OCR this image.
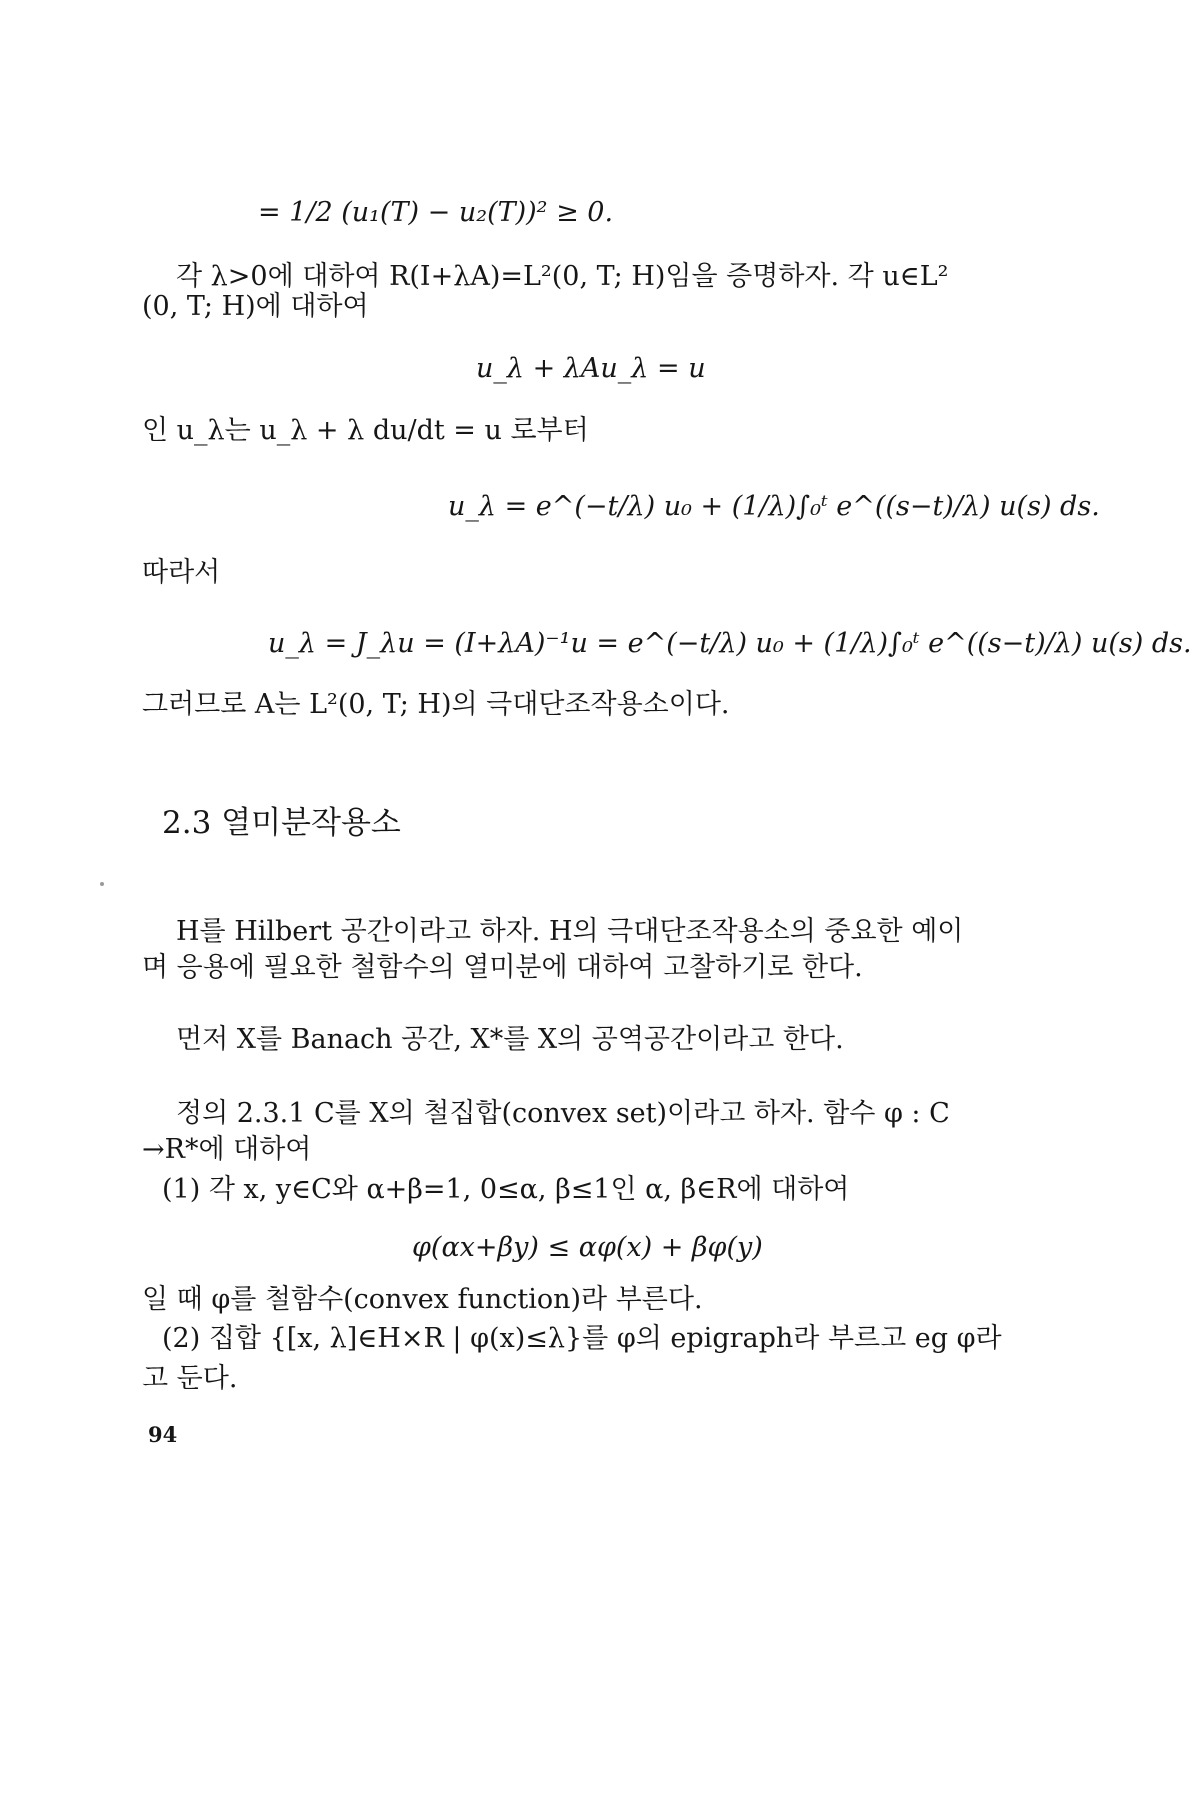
= 1/2 (u₁(T) − u₂(T))² ≥ 0.
각 λ>0에 대하여 R(I+λA)=L²(0, T; H)임을 증명하자. 각 u∈L²
(0, T; H)에 대하여
u_λ + λAu_λ = u
인 u_λ는 u_λ + λ du/dt = u 로부터
u_λ = e^(−t/λ) u₀ + (1/λ)∫₀ᵗ e^((s−t)/λ) u(s) ds.
따라서
u_λ = J_λu = (I+λA)⁻¹u = e^(−t/λ) u₀ + (1/λ)∫₀ᵗ e^((s−t)/λ) u(s) ds.
그러므로 A는 L²(0, T; H)의 극대단조작용소이다.
2.3 열미분작용소
H를 Hilbert 공간이라고 하자. H의 극대단조작용소의 중요한 예이
며 응용에 필요한 철함수의 열미분에 대하여 고찰하기로 한다.
먼저 X를 Banach 공간, X*를 X의 공역공간이라고 한다.
정의 2.3.1 C를 X의 철집합(convex set)이라고 하자. 함수 φ : C
→R*에 대하여
(1) 각 x, y∈C와 α+β=1, 0≤α, β≤1인 α, β∈R에 대하여
φ(αx+βy) ≤ αφ(x) + βφ(y)
일 때 φ를 철함수(convex function)라 부른다.
(2) 집합 {[x, λ]∈H×R | φ(x)≤λ}를 φ의 epigraph라 부르고 eg φ라
고 둔다.
94
